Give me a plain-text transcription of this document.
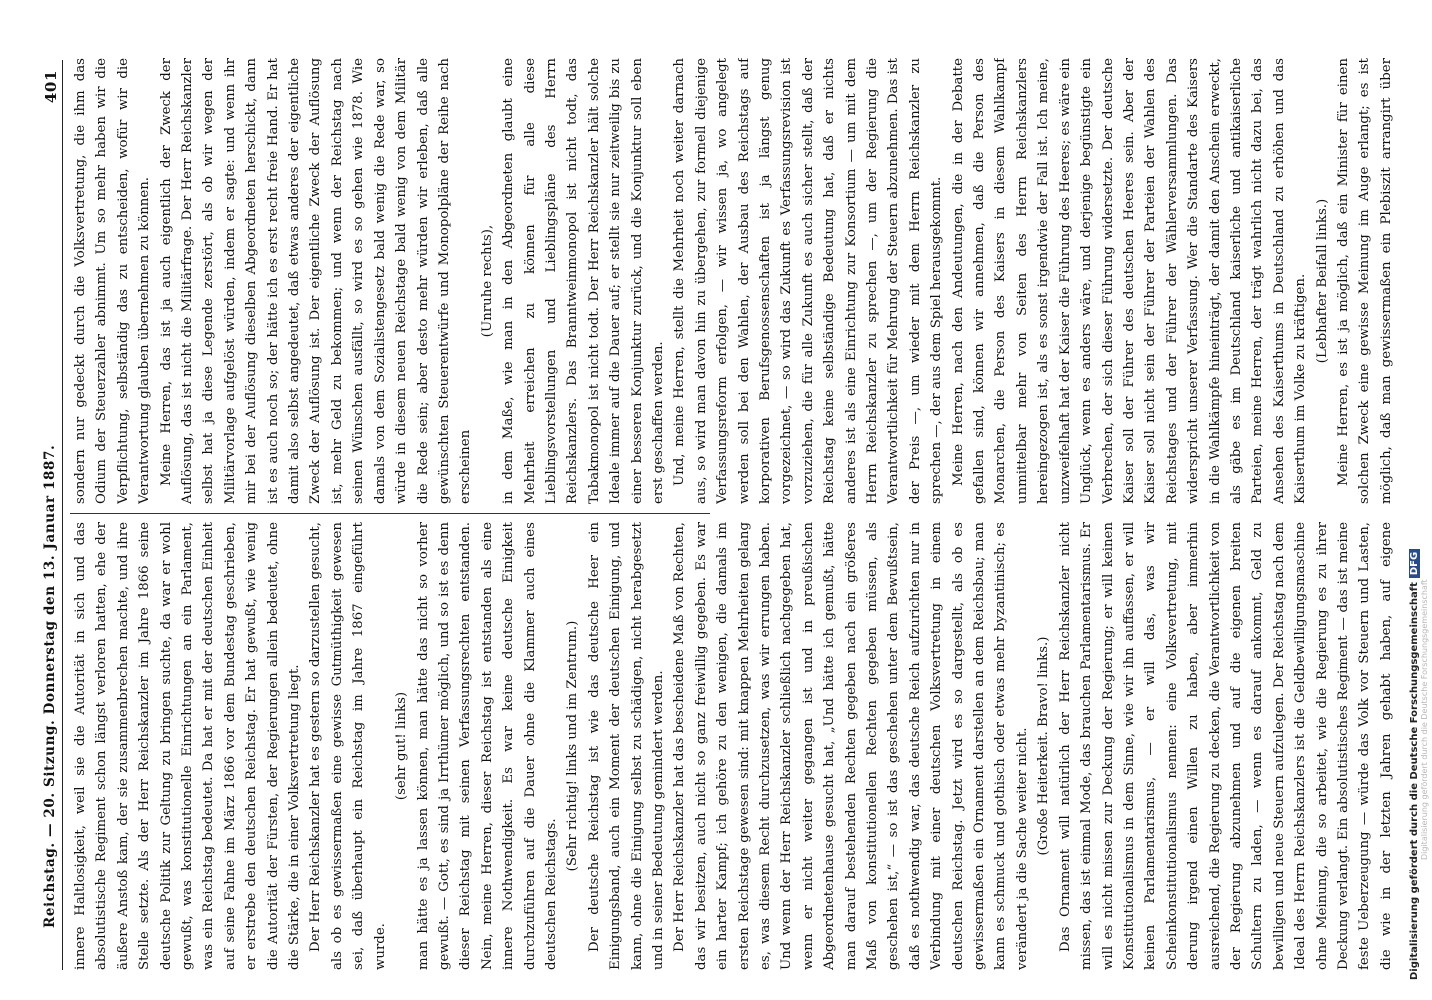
Reichstag. — 20. Sitzung. Donnerstag den 13. Januar 1887.
401

innere Haltlosigkeit, weil sie die Autorität in sich und das absolutistische Regiment schon längst verloren hatten, ehe der äußere Anstoß kam, der sie zusammenbrechen machte, und ihre Stelle setzte. Als der Herr Reichskanzler im Jahre 1866 seine deutsche Politik zur Geltung zu bringen suchte, da war er wohl gewußt, was konstitutionelle Einrichtungen an ein Parlament, was ein Reichstag bedeutet. Da hat er mit der deutschen Einheit auf seine Fahne im März 1866 vor dem Bundestag geschrieben, er erstrebe den deutschen Reichstag. Er hat gewußt, wie wenig die Autorität der Fürsten, der Regierungen allein bedeutet, ohne die Stärke, die in einer Volksvertretung liegt. Der Herr Reichskanzler hat es gestern so darzustellen gesucht, als ob es gewissermaßen eine gewisse Gutmüthigkeit gewesen sei, daß überhaupt ein Reichstag im Jahre 1867 eingeführt wurde.

(sehr gut! links) man hätte es ja lassen können, man hätte das nicht so vorher gewußt. — Gott, es sind ja Irrthümer möglich, und so ist es denn dieser Reichstag mit seinen Verfassungsrechten entstanden. Nein, meine Herren, dieser Reichstag ist entstanden als eine innere Nothwendigkeit. Es war keine deutsche Einigkeit durchzuführen auf die Dauer ohne die Klammer auch eines deutschen Reichstags.

(Sehr richtig! links und im Zentrum.) Der deutsche Reichstag ist wie das deutsche Heer ein Einigungsband, auch ein Moment der deutschen Einigung, und kann, ohne die Einigung selbst zu schädigen, nicht herabgesetzt und in seiner Bedeutung gemindert werden. Der Herr Reichskanzler hat das bescheidene Maß von Rechten, das wir besitzen, auch nicht so ganz freiwillig gegeben. Es war ein harter Kampf; ich gehöre zu den wenigen, die damals im ersten Reichstage gewesen sind: mit knappen Mehrheiten gelang es, was diesem Recht durchzusetzen, was wir errungen haben. Und wenn der Herr Reichskanzler schließlich nachgegeben hat, wenn er nicht weiter gegangen ist und in preußischen Abgeordnetenhause gesucht hat, „Und hätte ich gemußt, hätte man darauf bestehenden Rechten gegeben nach ein größeres Maß von konstitutionellen Rechten gegeben müssen, als geschehen ist,“ — so ist das geschehen unter dem Bewußtsein, daß es nothwendig war, das deutsche Reich aufzurichten nur in Verbindung mit einer deutschen Volksvertretung in einem deutschen Reichstag. Jetzt wird es so dargestellt, als ob es gewissermaßen ein Ornament darstellen an dem Reichsbau; man kann es schmuck und gothisch oder etwas mehr byzantinisch; es verändert ja die Sache weiter nicht. (Große Heiterkeit. Bravo! links.)

Das Ornament will natürlich der Herr Reichskanzler nicht missen, das ist einmal Mode, das brauchen Parlamentarismus. Er will es nicht missen zur Deckung der Regierung; er will keinen Konstitutionalismus in dem Sinne, wie wir ihn auffassen, er will keinen Parlamentarismus, — er will das, was wir Scheinkonstitutionalismus nennen: eine Volksvertretung, mit derung irgend einen Willen zu haben, aber immerhin ausreichend, die Regierung zu decken, die Verantwortlichkeit von der Regierung abzunehmen und auf die eigenen breiten Schultern zu laden, — wenn es darauf ankommt, Geld zu bewilligen und neue Steuern aufzulegen. Der Reichstag nach dem Ideal des Herrn Reichskanzlers ist die Geldbewilligungsmaschine ohne Meinung, die so arbeitet, wie die Regierung es zu ihrer Deckung verlangt. Ein absolutistisches Regiment — das ist meine feste Ueberzeugung — würde das Volk vor Steuern und Lasten, die wie in der letzten Jahren gehabt haben, auf eigene

sondern nur gedeckt durch die Volksvertretung, die ihm das Odium der Steuerzahler abnimmt. Um so mehr haben wir die Verpflichtung, selbständig das zu entscheiden, wofür wir die Verantwortung glauben übernehmen zu können. Meine Herren, das ist ja auch eigentlich der Zweck der Auflösung, das ist nicht die Militärfrage. Der Herr Reichskanzler selbst hat ja diese Legende zerstört, als ob wir wegen der Militärvorlage aufgelöst würden, indem er sagte: und wenn ihr mir bei der Auflösung dieselben Abgeordneten herschickt, dann ist es auch noch so; der hätte ich es erst recht freie Hand. Er hat damit also selbst angedeutet, daß etwas anderes der eigentliche Zweck der Auflösung ist. Der eigentliche Zweck der Auflösung ist, mehr Geld zu bekommen; und wenn der Reichstag nach seinen Wünschen ausfällt, so wird es so gehen wie 1878. Wie damals von dem Sozialistengesetz bald wenig die Rede war, so würde in diesem neuen Reichstage bald wenig von dem Militär die Rede sein; aber desto mehr würden wir erleben, daß alle gewünschten Steuerentwürfe und Monopolpläne der Reihe nach erscheinen

(Unruhe rechts), in dem Maße, wie man in den Abgeordneten glaubt eine Mehrheit erreichen zu können für alle diese Lieblingsvorstellungen und Lieblingspläne des Herrn Reichskanzlers. Das Branntweinmonopol ist nicht todt, das Tabakmonopol ist nicht todt. Der Herr Reichskanzler hält solche Ideale immer auf die Dauer auf; er stellt sie nur zeitweilig bis zu einer besseren Konjunktur zurück, und die Konjunktur soll eben erst geschaffen werden. Und, meine Herren, stellt die Mehrheit noch weiter darnach aus, so wird man davon hin zu übergehen, zur formell diejenige Verfassungsreform erfolgen, — wir wissen ja, wo angelegt werden soll bei den Wahlen, der Ausbau des Reichstags auf korporativen Berufsgenossenschaften ist ja längst genug vorgezeichnet, — so wird das Zukunft es Verfassungsrevision ist vorzuziehen, die für alle Zukunft es auch sicher stellt, daß der Reichstag keine selbständige Bedeutung hat, daß er nichts anderes ist als eine Einrichtung zur Konsortium — um mit dem Herrn Reichskanzler zu sprechen —, um der Regierung die Verantwortlichkeit für Mehrung der Steuern abzunehmen. Das ist der Preis —, um wieder mit dem Herrn Reichskanzler zu sprechen —, der aus dem Spiel herausgekommt. Meine Herren, nach den Andeutungen, die in der Debatte gefallen sind, können wir annehmen, daß die Person des Monarchen, die Person des Kaisers in diesem Wahlkampf unmittelbar mehr von Seiten des Herrn Reichskanzlers hereingezogen ist, als es sonst irgendwie der Fall ist. Ich meine, unzweifelhaft hat der Kaiser die Führung des Heeres; es wäre ein Unglück, wenn es anders wäre, und derjenige begünstigte ein Verbrechen, der sich dieser Führung widersetzte. Der deutsche Kaiser soll der Führer des deutschen Heeres sein. Aber der Kaiser soll nicht sein der Führer der Parteien der Wahlen des Reichstages und der Führer der Wählerversammlungen. Das widerspricht unserer Verfassung. Wer die Standarte des Kaisers in die Wahlkämpfe hineinträgt, der damit den Anschein erweckt, als gäbe es im Deutschland kaiserliche und antikaiserliche Parteien, meine Herren, der trägt wahrlich nicht dazu bei, das Ansehen des Kaiserthums in Deutschland zu erhöhen und das Kaiserthum im Volke zu kräftigen. (Lebhafter Beifall links.)

Meine Herren, es ist ja möglich, daß ein Minister für einen solchen Zweck eine gewisse Meinung im Auge erlangt; es ist möglich, daß man gewissermaßen ein Plebiszit arrangirt über

Digitalisierung gefördert durch die Deutsche Forschungsgemeinschaft
Digitalisierung gefördert durch die Deutsche ForschungsgemeinschaftDFG
